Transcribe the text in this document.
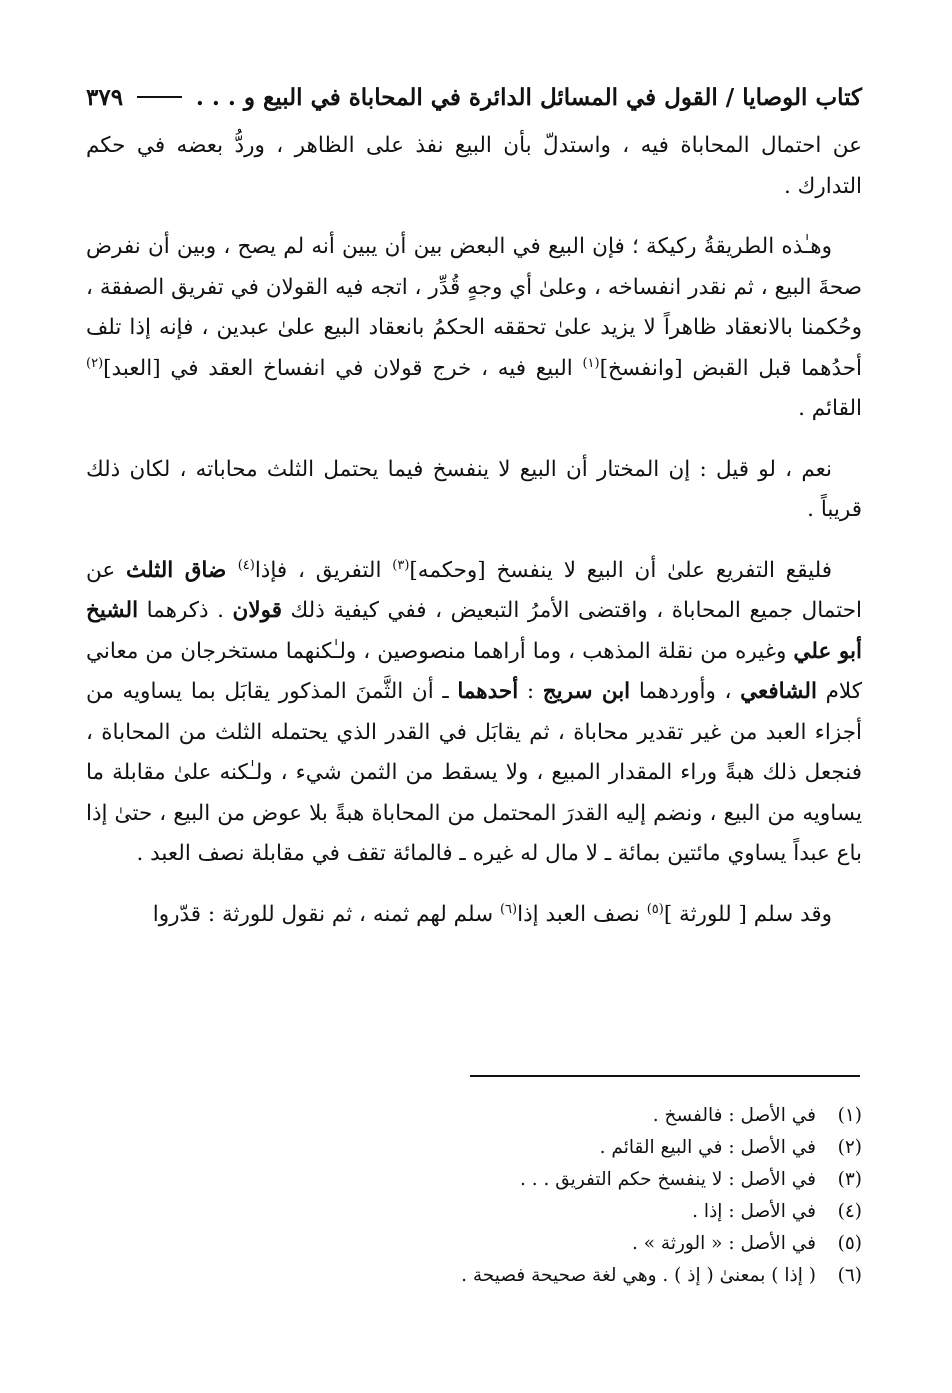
كتاب الوصايا / القول في المسائل الدائرة في المحاباة في البيع و . . .
٣٧٩

عن احتمال المحاباة فيه ، واستدلّ بأن البيع نفذ على الظاهر ، وردُّ بعضه في حكم التدارك .

وهـٰذه الطريقةُ ركيكة ؛ فإن البيع في البعض بين أن يبين أنه لم يصح ، وبين أن نفرض صحةَ البيع ، ثم نقدر انفساخه ، وعلىٰ أي وجهٍ قُدِّر ، اتجه فيه القولان في تفريق الصفقة ، وحُكمنا بالانعقاد ظاهراً لا يزيد علىٰ تحققه الحكمُ بانعقاد البيع علىٰ عبدين ، فإنه إذا تلف أحدُهما قبل القبض [وانفسخ]$^{(١)}$ البيع فيه ، خرج قولان في انفساخ العقد في [العبد]$^{(٢)}$ القائم .

نعم ، لو قيل : إن المختار أن البيع لا ينفسخ فيما يحتمل الثلث محاباته ، لكان ذلك قريباً .

فليقع التفريع علىٰ أن البيع لا ينفسخ [وحكمه]$^{(٣)}$ التفريق ، فإذا$^{(٤)}$ ضاق الثلث عن احتمال جميع المحاباة ، واقتضى الأمرُ التبعيض ، ففي كيفية ذلك قولان . ذكرهما الشيخ أبو علي وغيره من نقلة المذهب ، وما أراهما منصوصين ، ولـٰكنهما مستخرجان من معاني كلام الشافعي ، وأوردهما ابن سريج : أحدهما ـ أن الثَّمنَ المذكور يقابَل بما يساويه من أجزاء العبد من غير تقدير محاباة ، ثم يقابَل في القدر الذي يحتمله الثلث من المحاباة ، فنجعل ذلك هبةً وراء المقدار المبيع ، ولا يسقط من الثمن شيء ، ولـٰكنه علىٰ مقابلة ما يساويه من البيع ، ونضم إليه القدرَ المحتمل من المحاباة هبةً بلا عوض من البيع ، حتىٰ إذا باع عبداً يساوي مائتين بمائة ـ لا مال له غيره ـ فالمائة تقف في مقابلة نصف العبد .

وقد سلم [ للورثة ]$^{(٥)}$ نصف العبد إذا$^{(٦)}$ سلم لهم ثمنه ، ثم نقول للورثة : قدّروا

(١)
في الأصل : فالفسخ .
(٢)
في الأصل : في البيع القائم .
(٣)
في الأصل : لا ينفسخ حكم التفريق . . .
(٤)
في الأصل : إذا .
(٥)
في الأصل : « الورثة » .
(٦)
( إذا ) بمعنىٰ ( إذ ) . وهي لغة صحيحة فصيحة .
